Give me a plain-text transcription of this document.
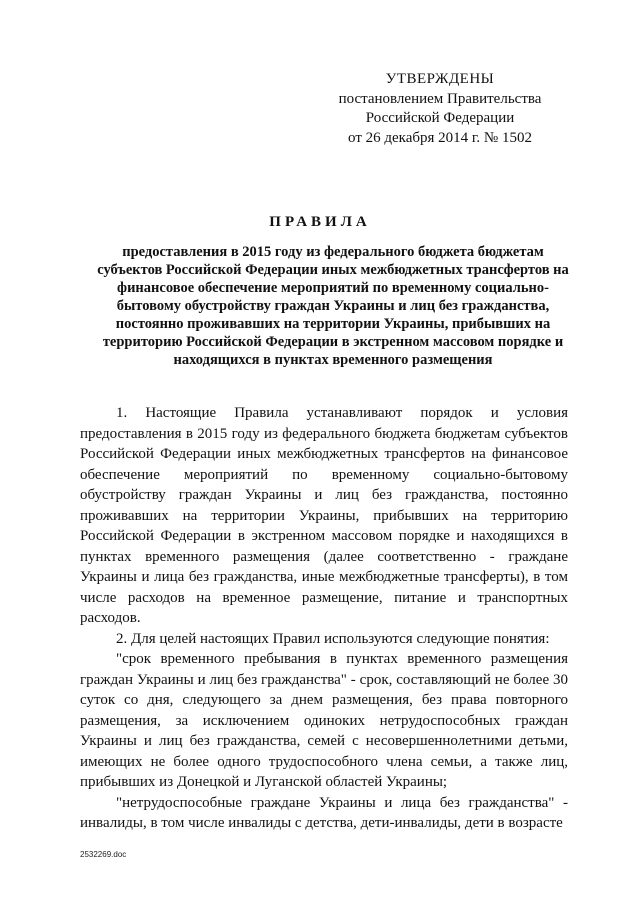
УТВЕРЖДЕНЫ
постановлением Правительства
Российской Федерации
от 26 декабря 2014 г. № 1502
ПРАВИЛА
предоставления в 2015 году из федерального бюджета бюджетам субъектов Российской Федерации иных межбюджетных трансфертов на финансовое обеспечение мероприятий по временному социально-бытовому обустройству граждан Украины и лиц без гражданства, постоянно проживавших на территории Украины, прибывших на территорию Российской Федерации в экстренном массовом порядке и находящихся в пунктах временного размещения

1. Настоящие Правила устанавливают порядок и условия предоставления в 2015 году из федерального бюджета бюджетам субъектов Российской Федерации иных межбюджетных трансфертов на финансовое обеспечение мероприятий по временному социально-бытовому обустройству граждан Украины и лиц без гражданства, постоянно проживавших на территории Украины, прибывших на территорию Российской Федерации в экстренном массовом порядке и находящихся в пунктах временного размещения (далее соответственно - граждане Украины и лица без гражданства, иные межбюджетные трансферты), в том числе расходов на временное размещение, питание и транспортных расходов.

2. Для целей настоящих Правил используются следующие понятия:

"срок временного пребывания в пунктах временного размещения граждан Украины и лиц без гражданства" - срок, составляющий не более 30 суток со дня, следующего за днем размещения, без права повторного размещения, за исключением одиноких нетрудоспособных граждан Украины и лиц без гражданства, семей с несовершеннолетними детьми, имеющих не более одного трудоспособного члена семьи, а также лиц, прибывших из Донецкой и Луганской областей Украины;

"нетрудоспособные граждане Украины и лица без гражданства" - инвалиды, в том числе инвалиды с детства, дети-инвалиды, дети в возрасте

2532269.doc
